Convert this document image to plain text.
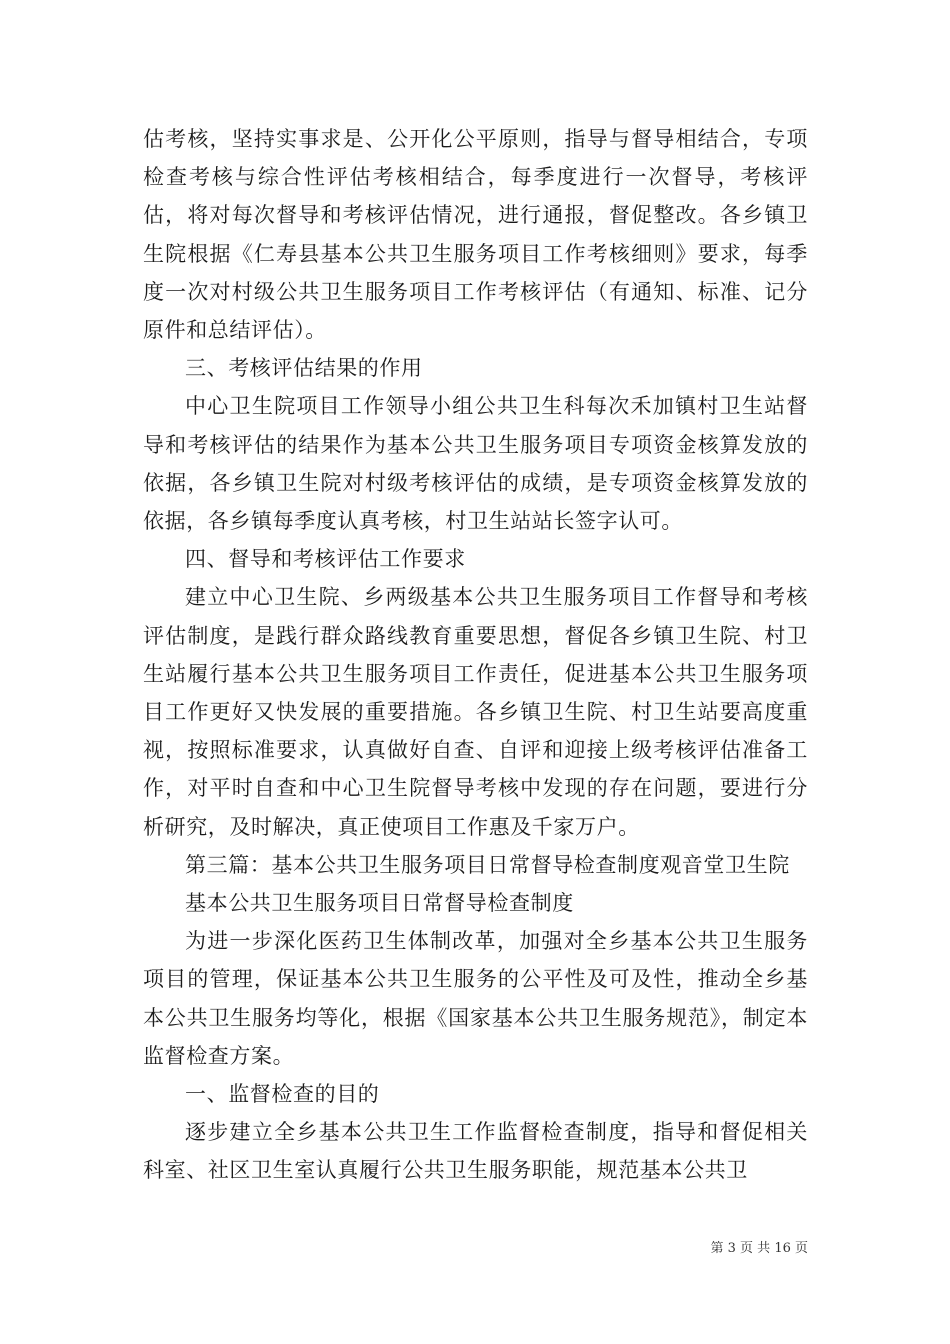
估考核，坚持实事求是、公开化公平原则，指导与督导相结合，专项检查考核与综合性评估考核相结合，每季度进行一次督导，考核评估，将对每次督导和考核评估情况，进行通报，督促整改。各乡镇卫生院根据《仁寿县基本公共卫生服务项目工作考核细则》要求，每季度一次对村级公共卫生服务项目工作考核评估（有通知、标准、记分原件和总结评估）。

三、考核评估结果的作用

中心卫生院项目工作领导小组公共卫生科每次禾加镇村卫生站督导和考核评估的结果作为基本公共卫生服务项目专项资金核算发放的依据，各乡镇卫生院对村级考核评估的成绩，是专项资金核算发放的依据，各乡镇每季度认真考核，村卫生站站长签字认可。

四、督导和考核评估工作要求

建立中心卫生院、乡两级基本公共卫生服务项目工作督导和考核评估制度，是践行群众路线教育重要思想，督促各乡镇卫生院、村卫生站履行基本公共卫生服务项目工作责任，促进基本公共卫生服务项目工作更好又快发展的重要措施。各乡镇卫生院、村卫生站要高度重视，按照标准要求，认真做好自查、自评和迎接上级考核评估准备工作，对平时自查和中心卫生院督导考核中发现的存在问题，要进行分析研究，及时解决，真正使项目工作惠及千家万户。

第三篇：基本公共卫生服务项目日常督导检查制度观音堂卫生院

基本公共卫生服务项目日常督导检查制度

为进一步深化医药卫生体制改革，加强对全乡基本公共卫生服务项目的管理，保证基本公共卫生服务的公平性及可及性，推动全乡基本公共卫生服务均等化，根据《国家基本公共卫生服务规范》，制定本监督检查方案。

一、监督检查的目的

逐步建立全乡基本公共卫生工作监督检查制度，指导和督促相关科室、社区卫生室认真履行公共卫生服务职能，规范基本公共卫

第 3 页 共 16 页
